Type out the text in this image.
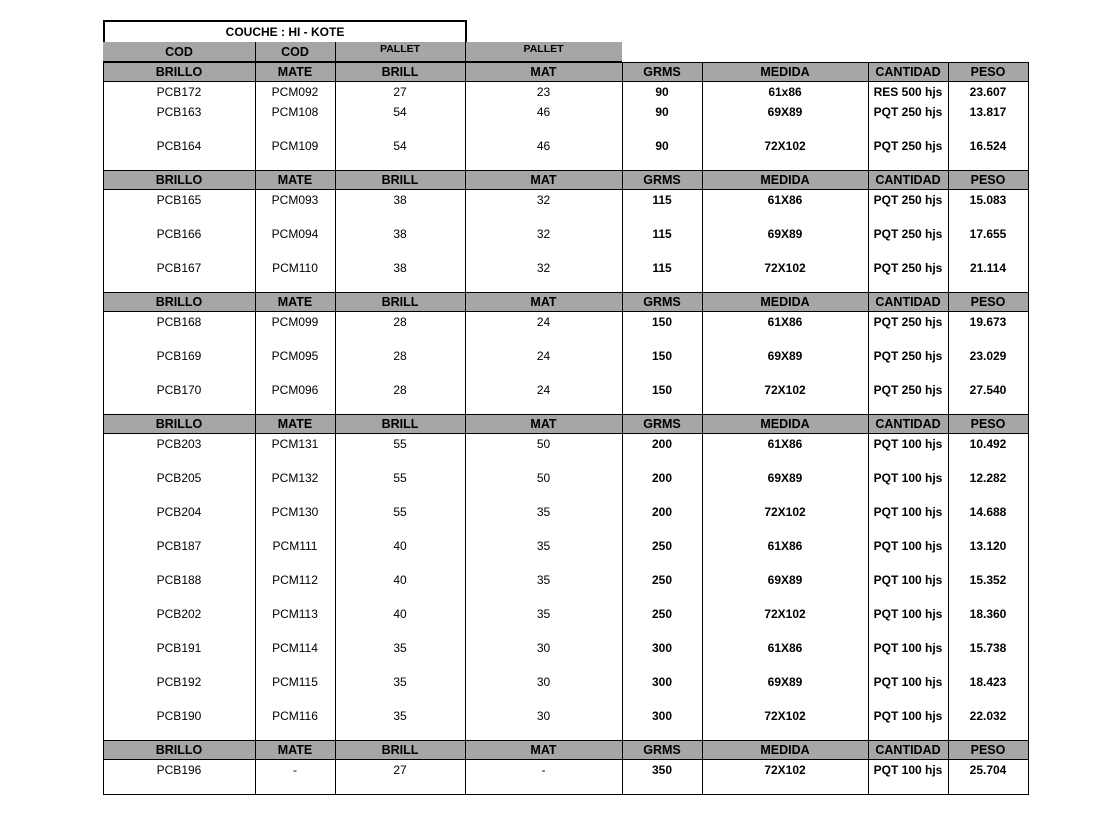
COUCHE : HI - KOTE
COD	COD	PALLET	PALLET
BRILLO	MATE	BRILL	MAT	GRMS	MEDIDA	CANTIDAD	PESO
PCB172	PCM092	27	23	90	61x86	RES 500 hjs	23.607
PCB163	PCM108	54	46	90	69X89	PQT 250 hjs	13.817
PCB164	PCM109	54	46	90	72X102	PQT 250 hjs	16.524
BRILLO	MATE	BRILL	MAT	GRMS	MEDIDA	CANTIDAD	PESO
PCB165	PCM093	38	32	115	61X86	PQT 250 hjs	15.083
PCB166	PCM094	38	32	115	69X89	PQT 250 hjs	17.655
PCB167	PCM110	38	32	115	72X102	PQT 250 hjs	21.114
BRILLO	MATE	BRILL	MAT	GRMS	MEDIDA	CANTIDAD	PESO
PCB168	PCM099	28	24	150	61X86	PQT 250 hjs	19.673
PCB169	PCM095	28	24	150	69X89	PQT 250 hjs	23.029
PCB170	PCM096	28	24	150	72X102	PQT 250 hjs	27.540
BRILLO	MATE	BRILL	MAT	GRMS	MEDIDA	CANTIDAD	PESO
PCB203	PCM131	55	50	200	61X86	PQT 100 hjs	10.492
PCB205	PCM132	55	50	200	69X89	PQT 100 hjs	12.282
PCB204	PCM130	55	35	200	72X102	PQT 100 hjs	14.688
PCB187	PCM111	40	35	250	61X86	PQT 100 hjs	13.120
PCB188	PCM112	40	35	250	69X89	PQT 100 hjs	15.352
PCB202	PCM113	40	35	250	72X102	PQT 100 hjs	18.360
PCB191	PCM114	35	30	300	61X86	PQT 100 hjs	15.738
PCB192	PCM115	35	30	300	69X89	PQT 100 hjs	18.423
PCB190	PCM116	35	30	300	72X102	PQT 100 hjs	22.032
BRILLO	MATE	BRILL	MAT	GRMS	MEDIDA	CANTIDAD	PESO
PCB196	-	27	-	350	72X102	PQT 100 hjs	25.704
